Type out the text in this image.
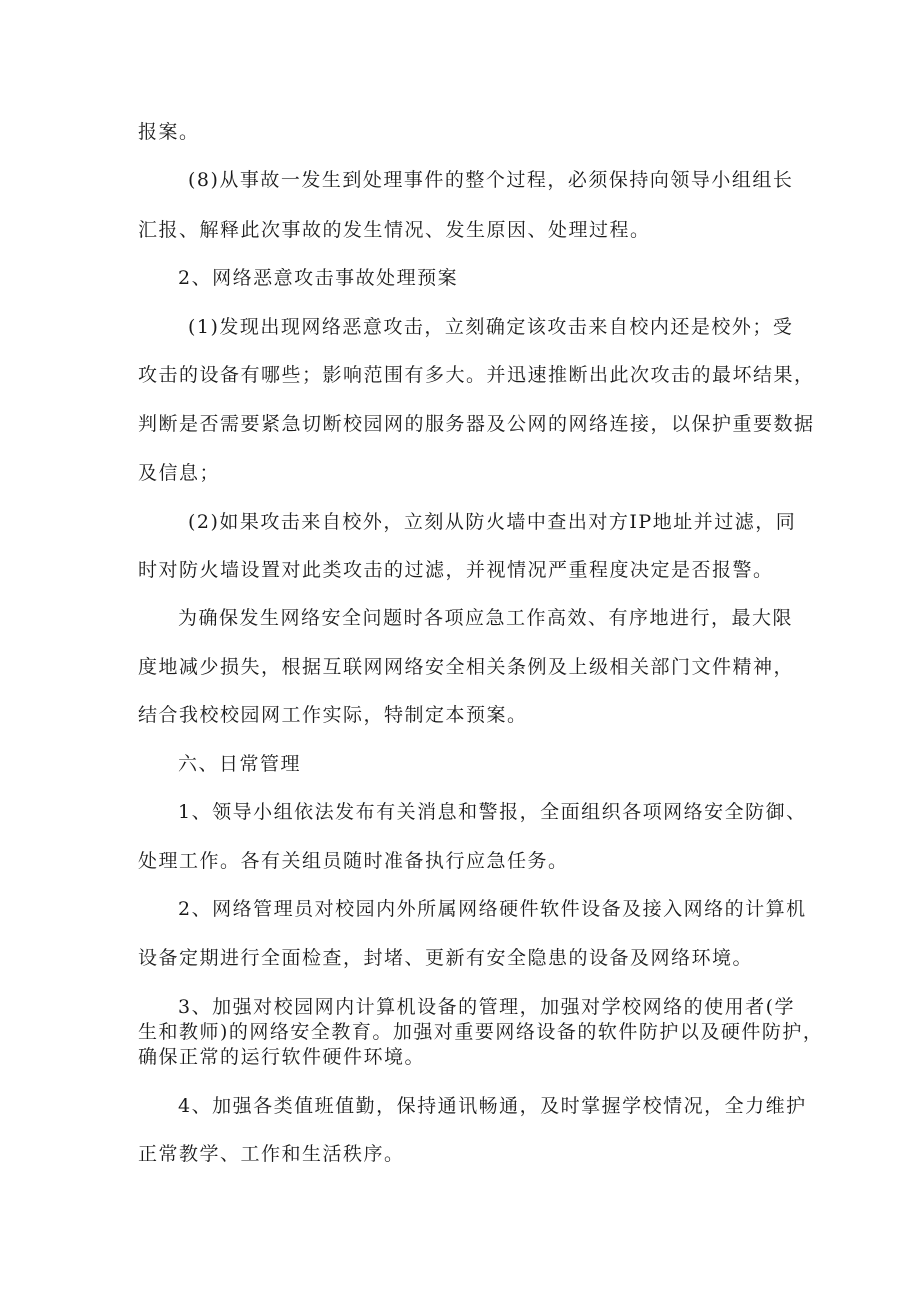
报案。
(8)从事故一发生到处理事件的整个过程，必须保持向领导小组组长
汇报、解释此次事故的发生情况、发生原因、处理过程。
2、网络恶意攻击事故处理预案
(1)发现出现网络恶意攻击，立刻确定该攻击来自校内还是校外；受
攻击的设备有哪些；影响范围有多大。并迅速推断出此次攻击的最坏结果，
判断是否需要紧急切断校园网的服务器及公网的网络连接，以保护重要数据
及信息；
(2)如果攻击来自校外，立刻从防火墙中查出对方IP地址并过滤，同
时对防火墙设置对此类攻击的过滤，并视情况严重程度决定是否报警。
为确保发生网络安全问题时各项应急工作高效、有序地进行，最大限
度地减少损失，根据互联网网络安全相关条例及上级相关部门文件精神，
结合我校校园网工作实际，特制定本预案。
六、日常管理
1、领导小组依法发布有关消息和警报，全面组织各项网络安全防御、
处理工作。各有关组员随时准备执行应急任务。
2、网络管理员对校园内外所属网络硬件软件设备及接入网络的计算机
设备定期进行全面检查，封堵、更新有安全隐患的设备及网络环境。
3、加强对校园网内计算机设备的管理，加强对学校网络的使用者(学
生和教师)的网络安全教育。加强对重要网络设备的软件防护以及硬件防护，
确保正常的运行软件硬件环境。
4、加强各类值班值勤，保持通讯畅通，及时掌握学校情况，全力维护
正常教学、工作和生活秩序。
